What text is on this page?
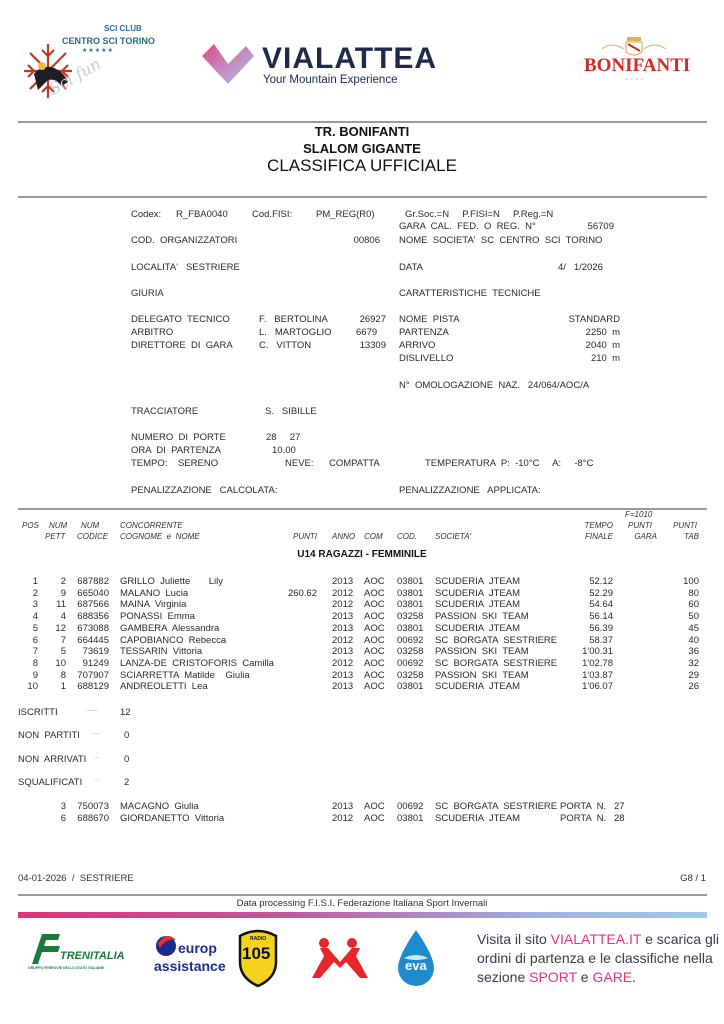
Sci fun
SCI CLUB
CENTRO SCI TORINO
★★★★★	VIALATTEA
Your Mountain Experience	~ ~ ~ ~
BONIFANTI
TR. BONIFANTI
SLALOM GIGANTE
CLASSIFICA UFFICIALE
Codex: R_FBA0040	Cod.FISI:	PM_REG(R0)	Gr.Soc.=N     P.FISI=N     P.Reg.=N
GARA  CAL.  FED.  O  REG.  N°	56709
COD.  ORGANIZZATORI	00806 NOME  SOCIETA'  SC  CENTRO  SCI  TORINO
LOCALITA'   SESTRIERE	DATA	4/   1/2026
GIURIA	CARATTERISTICHE  TECNICHE
DELEGATO  TECNICO	F.   BERTOLINA	26927
ARBITRO	L.   MARTOGLIO	6679
DIRETTORE  DI  GARA	C.   VITTON	13309
NOME  PISTA	STANDARD
PARTENZA	2250  m
ARRIVO	2040  m
DISLIVELLO	210  m
N°  OMOLOGAZIONE  NAZ.   24/064/AOC/A
TRACCIATORE	S.   SIBILLE
NUMERO  DI  PORTE	28     27
ORA  DI  PARTENZA	10.00
TEMPO:    SERENO	NEVE: COMPATTA	TEMPERATURA  P:  -10°C     A:     -8°C
PENALIZZAZIONE   CALCOLATA:	PENALIZZAZIONE   APPLICATA:
POS NUM
PETT
NUM
CODICE
CONCORRENTE
COGNOME  e  NOME	PUNTI ANNO COM COD. SOCIETA'
TEMPO
FINALE
F=1010
PUNTI
GARA
PUNTI
TAB
U14 RAGAZZI - FEMMINILE
1	2	687882 GRILLO  Juliette       Lily	2013 AOC 03801 SCUDERIA  JTEAM	52.12	100
2	9	665040 MALANO  Lucia	260.62 2012 AOC 03801 SCUDERIA  JTEAM	52.29	80
3	11	687566 MAINA  Virginia	2012 AOC 03801 SCUDERIA  JTEAM	54.64	60
4	4	688356 PONASSI  Emma	2013 AOC 03258 PASSION  SKI  TEAM	56.14	50
5	12	673088 GAMBERA  Alessandra	2013 AOC 03801 SCUDERIA  JTEAM	56.39	45
6	7	664445 CAPOBIANCO  Rebecca	2012 AOC 00692 SC  BORGATA  SESTRIERE	58.37	40
7	5	73619 TESSARIN  Vittoria	2013 AOC 03258 PASSION  SKI  TEAM	1'00.31	36
8	10	91249 LANZA-DE  CRISTOFORIS  Camilla	2012 AOC 00692 SC  BORGATA  SESTRIERE	1'02.78	32
9	8	707907 SCIARRETTA  Matilde    Giulia	2013 AOC 03258 PASSION  SKI  TEAM	1'03.87	29
10	1	688129 ANDREOLETTI  Lea	2013 AOC 03801 SCUDERIA  JTEAM	1'06.07	26
ISCRITTI	....... 12
NON  PARTITI ..... 0
NON  ARRIVATI ...	0
SQUALIFICATI ...	2
3	750073 MACAGNO  Giulia	2013 AOC 00692 SC  BORGATA  SESTRIERE PORTA  N.   27
6	688670 GIORDANETTO  Vittoria	2012 AOC 03801 SCUDERIA  JTEAM	PORTA  N.   28
04-01-2026  /  SESTRIERE	G8 / 1
Data processing F.I.S.I. Federazione Italiana Sport Invernali
TRENITALIA
GRUPPO FERROVIE DELLO STATO ITALIANE
europ
assistance
RADIO
105
eva
Visita il sito VIALATTEA.IT e scarica gli
ordini di partenza e le classifiche nella
sezione SPORT e GARE.
